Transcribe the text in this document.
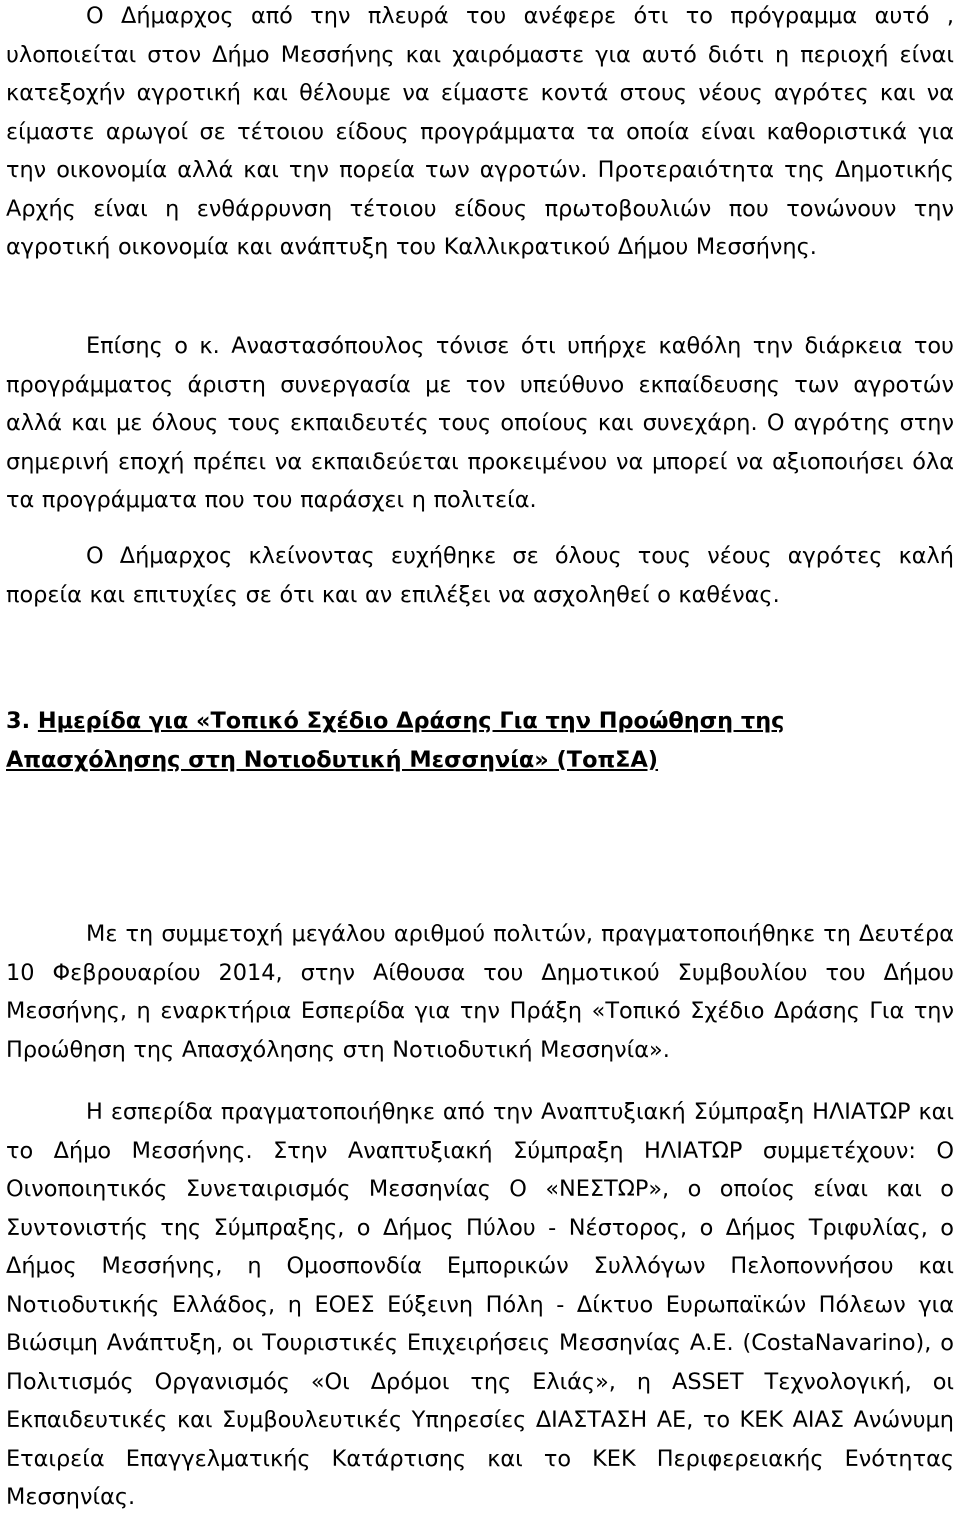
Ο Δήμαρχος από την πλευρά του ανέφερε ότι το πρόγραμμα αυτό , υλοποιείται στον Δήμο Μεσσήνης και χαιρόμαστε για αυτό διότι η περιοχή είναι κατεξοχήν αγροτική και θέλουμε να είμαστε κοντά στους νέους αγρότες και να είμαστε αρωγοί σε τέτοιου είδους προγράμματα τα οποία είναι καθοριστικά για την οικονομία αλλά και την πορεία των αγροτών. Προτεραιότητα της Δημοτικής Αρχής είναι η ενθάρρυνση τέτοιου είδους πρωτοβουλιών που τονώνουν την αγροτική οικονομία και ανάπτυξη του Καλλικρατικού Δήμου Μεσσήνης.

Επίσης ο κ. Αναστασόπουλος τόνισε ότι υπήρχε καθόλη την διάρκεια του προγράμματος άριστη συνεργασία με τον υπεύθυνο εκπαίδευσης των αγροτών αλλά και με όλους τους εκπαιδευτές τους οποίους και συνεχάρη. Ο αγρότης στην σημερινή εποχή πρέπει να εκπαιδεύεται προκειμένου να μπορεί να αξιοποιήσει όλα τα προγράμματα που του παράσχει η πολιτεία.

Ο Δήμαρχος κλείνοντας ευχήθηκε σε όλους τους νέους αγρότες καλή πορεία και επιτυχίες σε ότι και αν επιλέξει να ασχοληθεί ο καθένας.

3. Ημερίδα για «Τοπικό Σχέδιο Δράσης Για την Προώθηση της Απασχόλησης στη Νοτιοδυτική Μεσσηνία» (ΤοπΣΑ)

Με τη συμμετοχή μεγάλου αριθμού πολιτών, πραγματοποιήθηκε τη Δευτέρα 10 Φεβρουαρίου 2014, στην Αίθουσα του Δημοτικού Συμβουλίου του Δήμου Μεσσήνης, η εναρκτήρια Εσπερίδα για την Πράξη «Τοπικό Σχέδιο Δράσης Για την Προώθηση της Απασχόλησης στη Νοτιοδυτική Μεσσηνία».

Η εσπερίδα πραγματοποιήθηκε από την Αναπτυξιακή Σύμπραξη ΗΛΙΑΤΩΡ και το Δήμο Μεσσήνης. Στην Αναπτυξιακή Σύμπραξη ΗΛΙΑΤΩΡ συμμετέχουν: Ο Οινοποιητικός Συνεταιρισμός Μεσσηνίας Ο «ΝΕΣΤΩΡ», ο οποίος είναι και ο Συντονιστής της Σύμπραξης, ο Δήμος Πύλου - Νέστορος, ο Δήμος Τριφυλίας, ο Δήμος Μεσσήνης, η Ομοσπονδία Εμπορικών Συλλόγων Πελοποννήσου και Νοτιοδυτικής Ελλάδος, η ΕΟΕΣ Εύξεινη Πόλη - Δίκτυο Ευρωπαϊκών Πόλεων για Βιώσιμη Ανάπτυξη, οι Τουριστικές Επιχειρήσεις Μεσσηνίας Α.Ε. (CostaNavarino), ο Πολιτισμός Οργανισμός «Οι Δρόμοι της Ελιάς», η ASSET Τεχνολογική, οι Εκπαιδευτικές και Συμβουλευτικές Υπηρεσίες ΔΙΑΣΤΑΣΗ ΑΕ, το ΚΕΚ ΑΙΑΣ Ανώνυμη Εταιρεία Επαγγελματικής Κατάρτισης και το ΚΕΚ Περιφερειακής Ενότητας Μεσσηνίας.
